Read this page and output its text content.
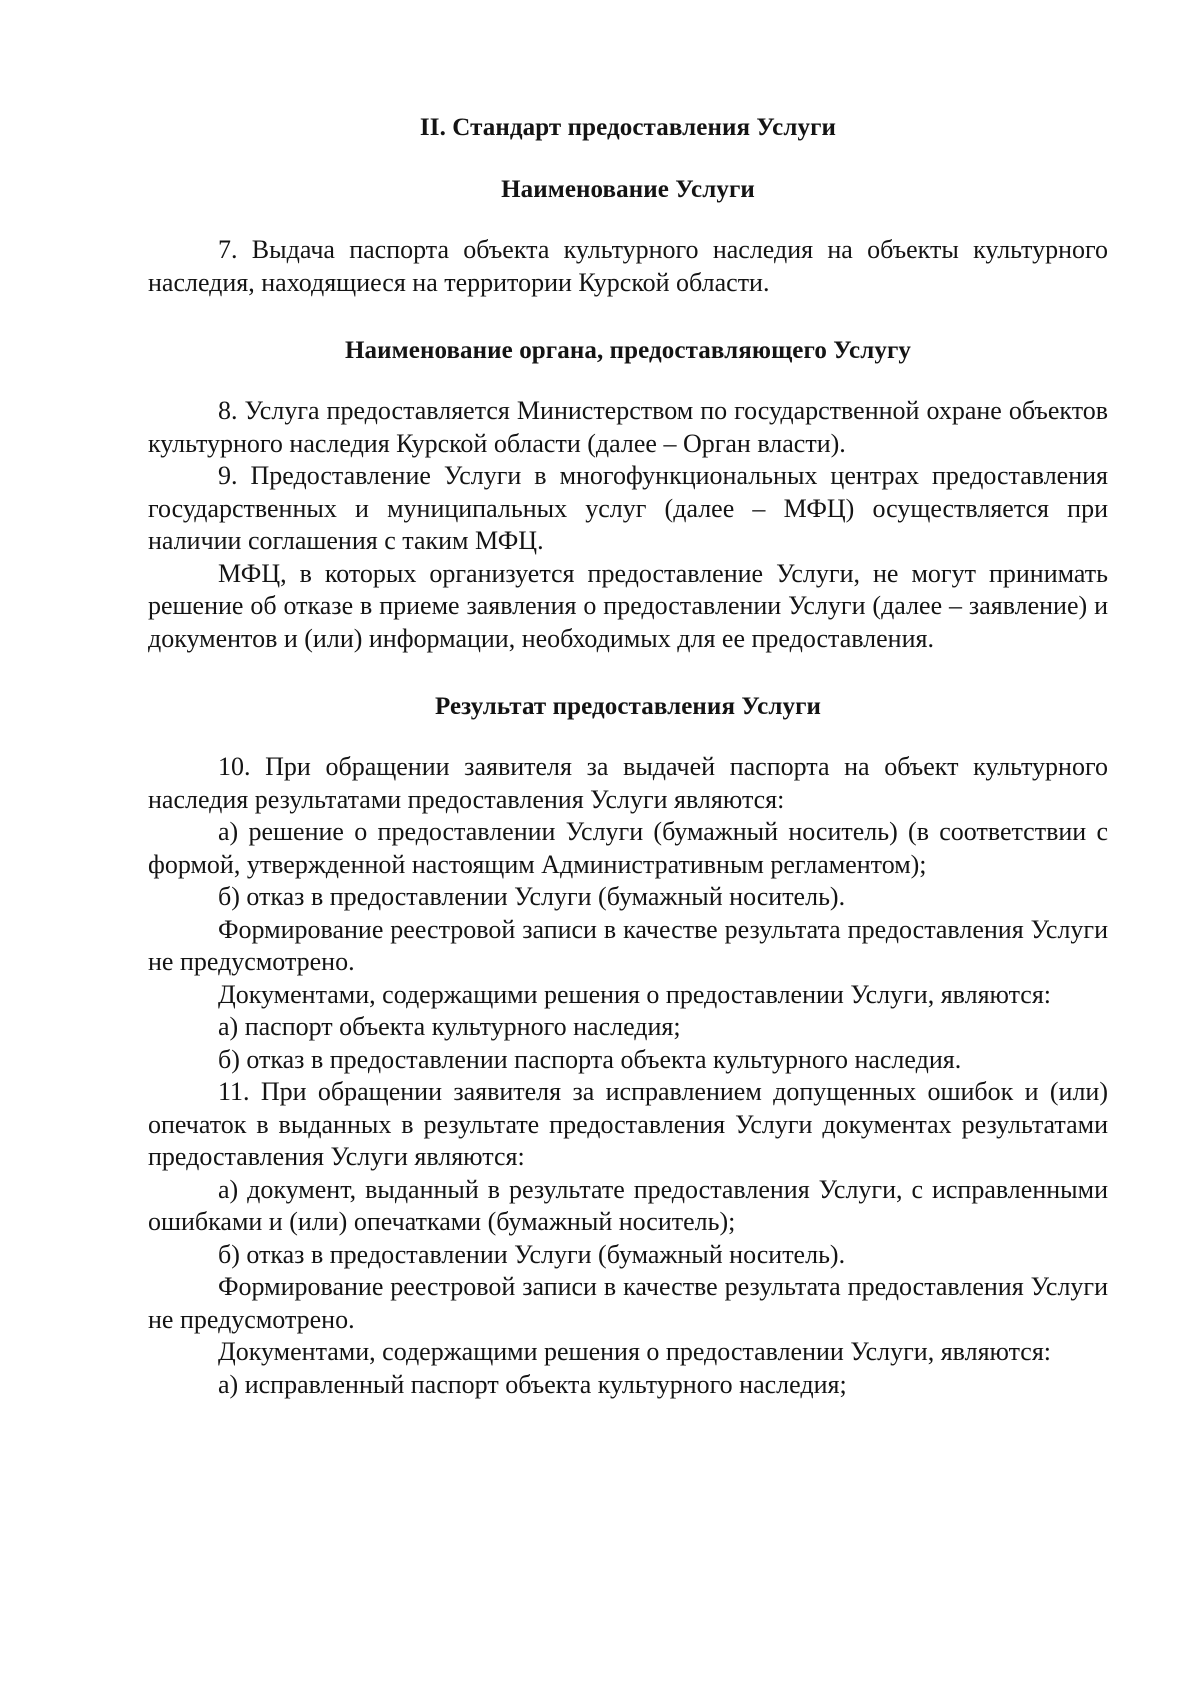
II. Стандарт предоставления Услуги
Наименование Услуги

7. Выдача паспорта объекта культурного наследия на объекты культурного наследия, находящиеся на территории Курской области.

Наименование органа, предоставляющего Услугу

8. Услуга предоставляется Министерством по государственной охране объектов культурного наследия Курской области (далее – Орган власти).

9. Предоставление Услуги в многофункциональных центрах предоставления государственных и муниципальных услуг (далее – МФЦ) осуществляется при наличии соглашения с таким МФЦ.

МФЦ, в которых организуется предоставление Услуги, не могут принимать решение об отказе в приеме заявления о предоставлении Услуги (далее – заявление) и документов и (или) информации, необходимых для ее предоставления.

Результат предоставления Услуги

10. При обращении заявителя за выдачей паспорта на объект культурного наследия результатами предоставления Услуги являются:

а) решение о предоставлении Услуги (бумажный носитель) (в соответствии с формой, утвержденной настоящим Административным регламентом);

б) отказ в предоставлении Услуги (бумажный носитель).

Формирование реестровой записи в качестве результата предоставления Услуги не предусмотрено.

Документами, содержащими решения о предоставлении Услуги, являются:

а) паспорт объекта культурного наследия;

б) отказ в предоставлении паспорта объекта культурного наследия.

11. При обращении заявителя за исправлением допущенных ошибок и (или) опечаток в выданных в результате предоставления Услуги документах результатами предоставления Услуги являются:

а) документ, выданный в результате предоставления Услуги, с исправленными ошибками и (или) опечатками (бумажный носитель);

б) отказ в предоставлении Услуги (бумажный носитель).

Формирование реестровой записи в качестве результата предоставления Услуги не предусмотрено.

Документами, содержащими решения о предоставлении Услуги, являются:

а) исправленный паспорт объекта культурного наследия;
